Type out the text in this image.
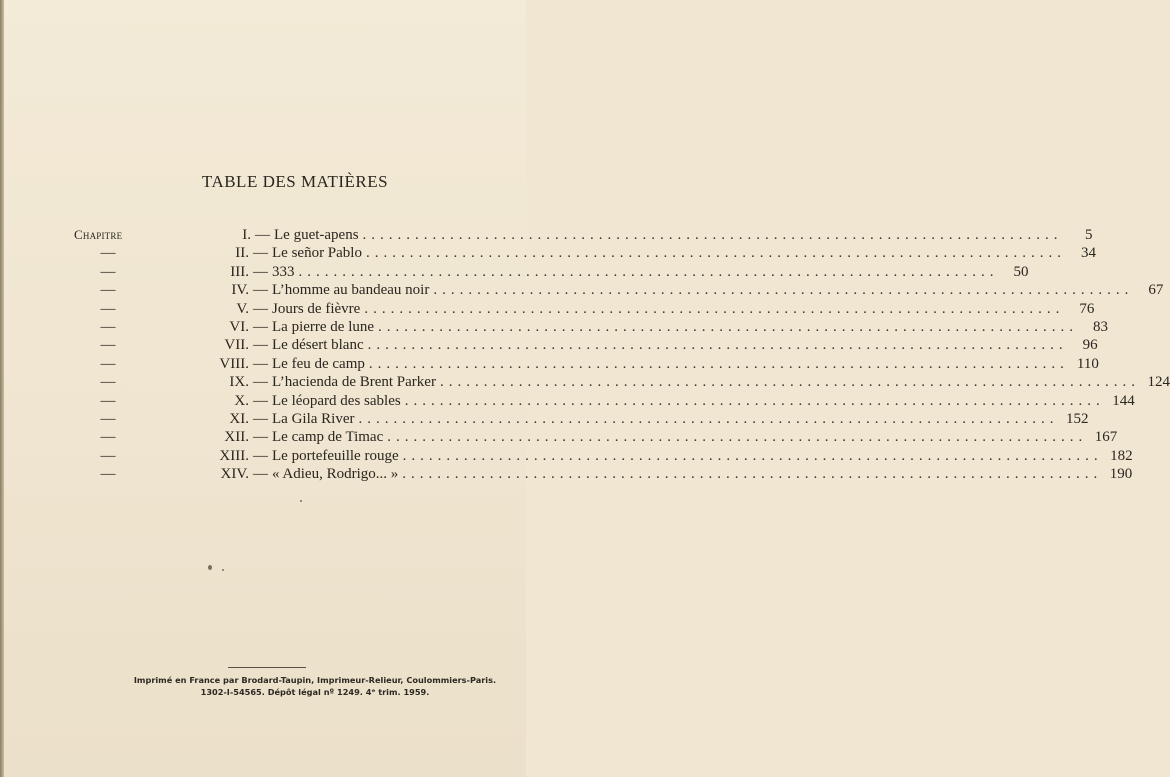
TABLE DES MATIÈRES
Chapitre	I. — Le guet-apens ................................................................................	5
—	II. — Le señor Pablo ................................................................................	34
—	III. — 333 ................................................................................	50
—	IV. — L’homme au bandeau noir ................................................................................	67
—	V. — Jours de fièvre ................................................................................	76
—	VI. — La pierre de lune ................................................................................	83
—	VII. — Le désert blanc ................................................................................	96
—	VIII. — Le feu de camp ................................................................................ 110
—	IX. — L’hacienda de Brent Parker ................................................................................ 124
—	X. — Le léopard des sables ................................................................................ 144
—	XI. — La Gila River ................................................................................ 152
—	XII. — Le camp de Timac ................................................................................ 167
—	XIII. — Le portefeuille rouge ................................................................................ 182
—	XIV. — « Adieu, Rodrigo... » ................................................................................ 190
Imprimé en France par Brodard-Taupin, Imprimeur-Relieur, Coulommiers-Paris.
1302-I-54565. Dépôt légal nº 1249. 4ᵉ trim. 1959.
